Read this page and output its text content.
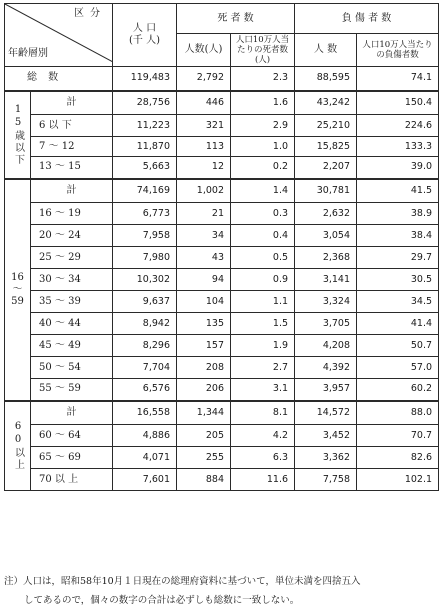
区分
年齢層別		人 口
(千 人)	死 者 数		負 傷 者 数	
			人数(人)	人口10万人当たりの死者数(人)	人 数	人口10万人当たりの負傷者数
総 数		119,483	2,792	2.3	88,595	74.1
15歳以下	計	28,756	446	1.6	43,242	150.4
	6 以 下	11,223	321	2.9	25,210	224.6
	7 ～ 12	11,870	113	1.0	15,825	133.3
	13 ～ 15	5,663	12	0.2	2,207	39.0
16 ～ 59	計	74,169	1,002	1.4	30,781	41.5
	16 ～ 19	6,773	21	0.3	2,632	38.9
	20 ～ 24	7,958	34	0.4	3,054	38.4
	25 ～ 29	7,980	43	0.5	2,368	29.7
	30 ～ 34	10,302	94	0.9	3,141	30.5
	35 ～ 39	9,637	104	1.1	3,324	34.5
	40 ～ 44	8,942	135	1.5	3,705	41.4
	45 ～ 49	8,296	157	1.9	4,208	50.7
	50 ～ 54	7,704	208	2.7	4,392	57.0
	55 ～ 59	6,576	206	3.1	3,957	60.2
60以上	計	16,558	1,344	8.1	14,572	88.0
	60 ～ 64	4,886	205	4.2	3,452	70.7
	65 ～ 69	4,071	255	6.3	3,362	82.6
	70 以 上	7,601	884	11.6	7,758	102.1
注）人口は，昭和58年10月１日現在の総理府資料に基づいて，単位未満を四捨五入
してあるので，個々の数字の合計は必ずしも総数に一致しない。
